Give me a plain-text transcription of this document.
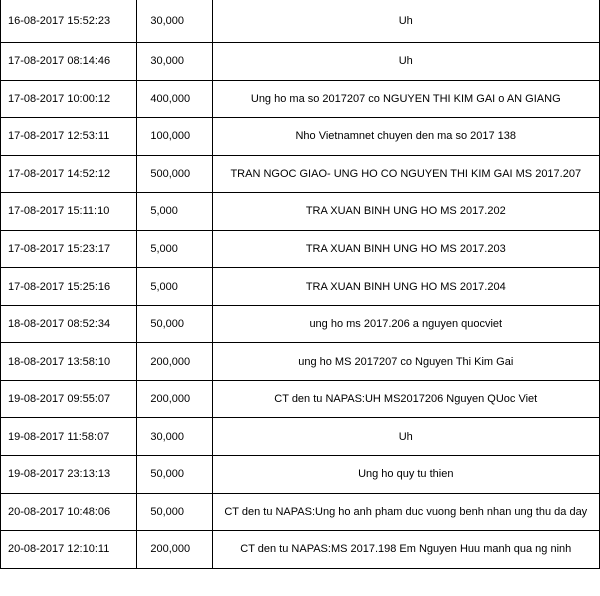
16-08-2017 15:52:23	30,000	Uh
17-08-2017 08:14:46	30,000	Uh
17-08-2017 10:00:12	400,000	Ung ho ma so 2017207 co NGUYEN THI KIM GAI o AN GIANG
17-08-2017 12:53:11	100,000	Nho Vietnamnet chuyen den ma so 2017 138
17-08-2017 14:52:12	500,000	TRAN NGOC GIAO- UNG HO CO NGUYEN THI KIM GAI MS 2017.207
17-08-2017 15:11:10	5,000	TRA XUAN BINH UNG HO MS 2017.202
17-08-2017 15:23:17	5,000	TRA XUAN BINH UNG HO MS 2017.203
17-08-2017 15:25:16	5,000	TRA XUAN BINH UNG HO MS 2017.204
18-08-2017 08:52:34	50,000	ung ho ms 2017.206 a nguyen quocviet
18-08-2017 13:58:10	200,000	ung ho MS 2017207 co Nguyen Thi Kim Gai
19-08-2017 09:55:07	200,000	CT den tu NAPAS:UH MS2017206 Nguyen QUoc Viet
19-08-2017 11:58:07	30,000	Uh
19-08-2017 23:13:13	50,000	Ung ho quy tu thien
20-08-2017 10:48:06	50,000	CT den tu NAPAS:Ung ho anh pham duc vuong benh nhan ung thu da day
20-08-2017 12:10:11	200,000	CT den tu NAPAS:MS 2017.198 Em Nguyen Huu manh qua ng ninh
